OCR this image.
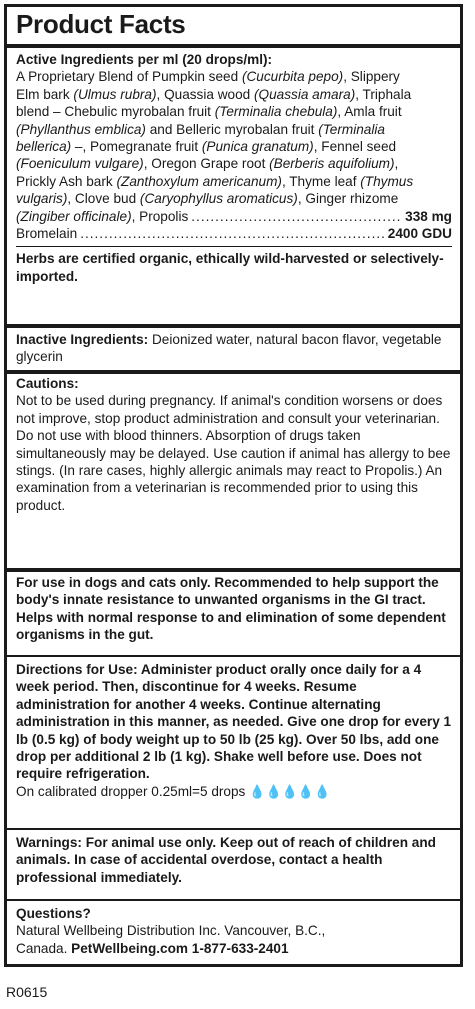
Product Facts
Active Ingredients per ml (20 drops/ml):
A Proprietary Blend of Pumpkin seed (Cucurbita pepo), Slippery
Elm bark (Ulmus rubra), Quassia wood (Quassia amara), Triphala
blend – Chebulic myrobalan fruit (Terminalia chebula), Amla fruit
(Phyllanthus emblica) and Belleric myrobalan fruit (Terminalia
bellerica) –, Pomegranate fruit (Punica granatum), Fennel seed
(Foeniculum vulgare), Oregon Grape root (Berberis aquifolium),
Prickly Ash bark (Zanthoxylum americanum), Thyme leaf (Thymus
vulgaris), Clove bud (Caryophyllus aromaticus), Ginger rhizome
(Zingiber officinale) , Propolis .....	338 mg
Bromelain .....	2400 GDU
Herbs are certified organic, ethically wild-harvested or selectively-imported.
Inactive Ingredients: Deionized water, natural bacon flavor, vegetable glycerin
Cautions:
Not to be used during pregnancy. If animal's condition worsens or does not improve, stop product administration and consult your veterinarian. Do not use with blood thinners. Absorption of drugs taken simultaneously may be delayed. Use caution if animal has allergy to bee stings. (In rare cases, highly allergic animals may react to Propolis.) An examination from a veterinarian is recommended prior to using this product.
For use in dogs and cats only. Recommended to help support the body's innate resistance to unwanted organisms in the GI tract. Helps with normal response to and elimination of some dependent organisms in the gut.
Directions for Use: Administer product orally once daily for a 4 week period. Then, discontinue for 4 weeks. Resume administration for another 4 weeks. Continue alternating administration in this manner, as needed. Give one drop for every 1 lb (0.5 kg) of body weight up to 50 lb (25 kg). Over 50 lbs, add one drop per additional 2 lb (1 kg). Shake well before use. Does not require refrigeration.
On calibrated dropper 0.25ml=5 drops 💧💧💧💧💧
Warnings: For animal use only. Keep out of reach of children and animals. In case of accidental overdose, contact a health professional immediately.
Questions?
Natural Wellbeing Distribution Inc. Vancouver, B.C.,
Canada. PetWellbeing.com 1-877-633-2401
R0615
